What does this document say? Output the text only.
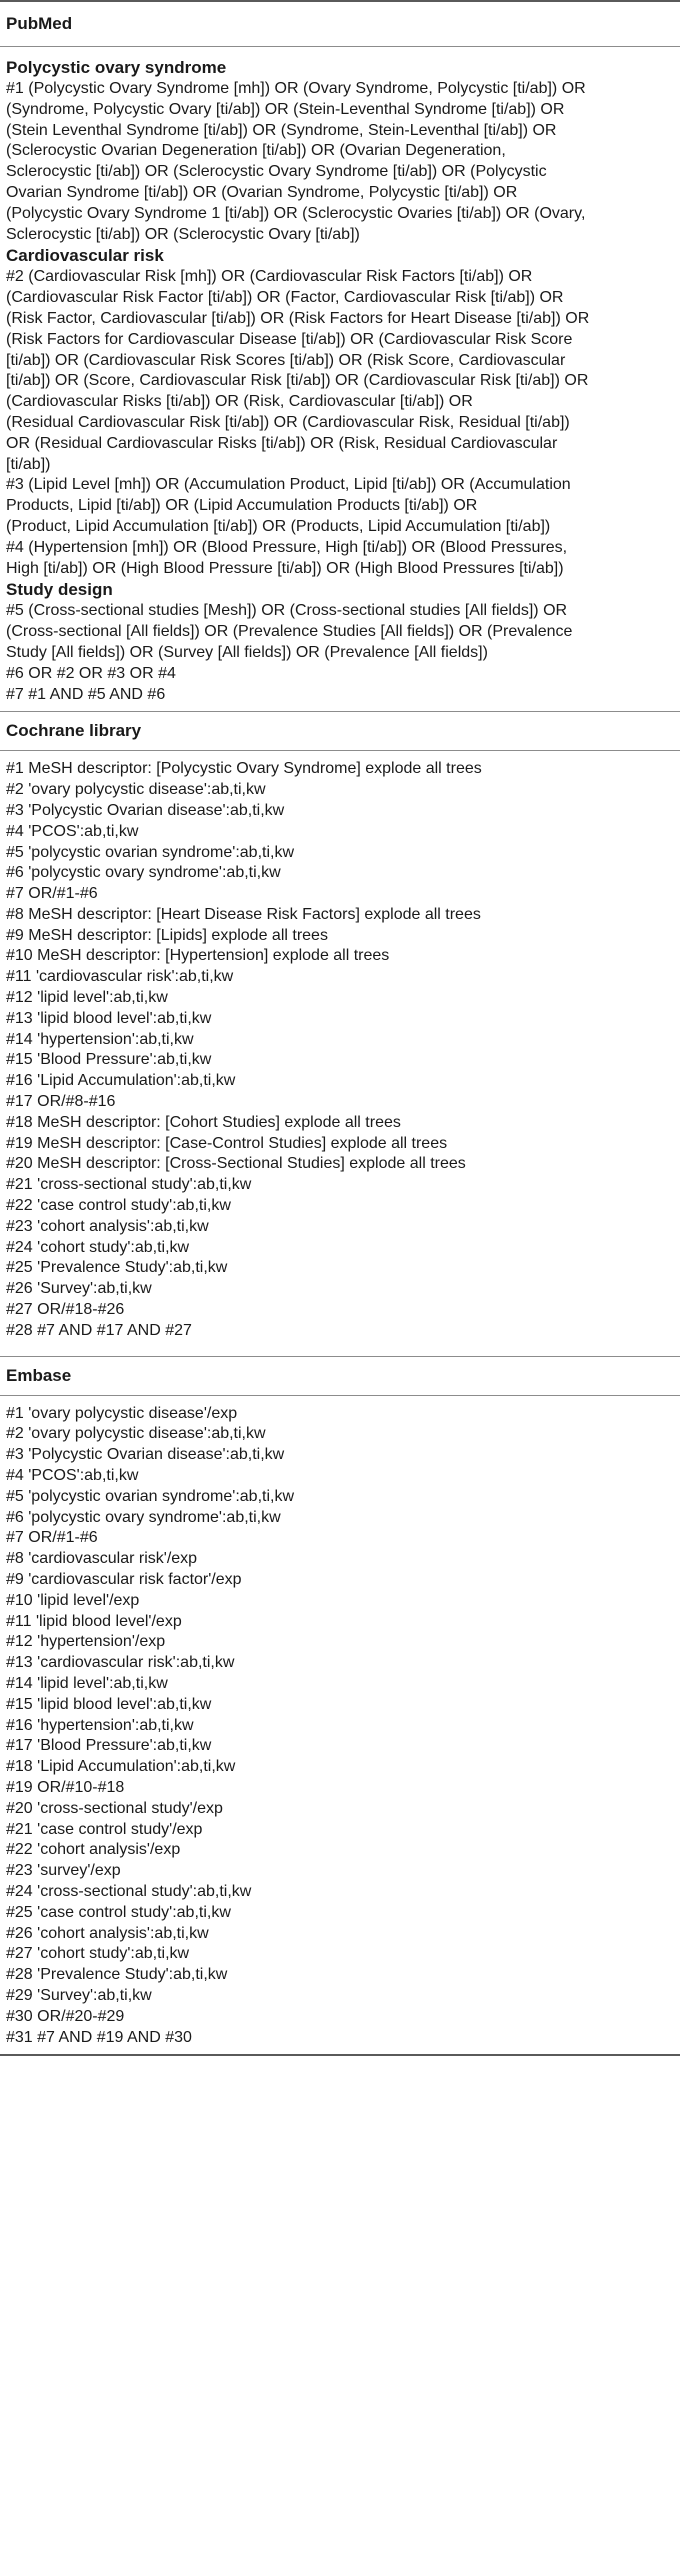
PubMed
Polycystic ovary syndrome
#1 (Polycystic Ovary Syndrome [mh]) OR (Ovary Syndrome, Polycystic [ti/ab]) OR
(Syndrome, Polycystic Ovary [ti/ab]) OR (Stein-Leventhal Syndrome [ti/ab]) OR
(Stein Leventhal Syndrome [ti/ab]) OR (Syndrome, Stein-Leventhal [ti/ab]) OR
(Sclerocystic Ovarian Degeneration [ti/ab]) OR (Ovarian Degeneration,
Sclerocystic [ti/ab]) OR (Sclerocystic Ovary Syndrome [ti/ab]) OR (Polycystic
Ovarian Syndrome [ti/ab]) OR (Ovarian Syndrome, Polycystic [ti/ab]) OR
(Polycystic Ovary Syndrome 1 [ti/ab]) OR (Sclerocystic Ovaries [ti/ab]) OR (Ovary,
Sclerocystic [ti/ab]) OR (Sclerocystic Ovary [ti/ab])
Cardiovascular risk
#2 (Cardiovascular Risk [mh]) OR (Cardiovascular Risk Factors [ti/ab]) OR
(Cardiovascular Risk Factor [ti/ab]) OR (Factor, Cardiovascular Risk [ti/ab]) OR
(Risk Factor, Cardiovascular [ti/ab]) OR (Risk Factors for Heart Disease [ti/ab]) OR
(Risk Factors for Cardiovascular Disease [ti/ab]) OR (Cardiovascular Risk Score
[ti/ab]) OR (Cardiovascular Risk Scores [ti/ab]) OR (Risk Score, Cardiovascular
[ti/ab]) OR (Score, Cardiovascular Risk [ti/ab]) OR (Cardiovascular Risk [ti/ab]) OR
(Cardiovascular Risks [ti/ab]) OR (Risk, Cardiovascular [ti/ab]) OR
(Residual Cardiovascular Risk [ti/ab]) OR (Cardiovascular Risk, Residual [ti/ab])
OR (Residual Cardiovascular Risks [ti/ab]) OR (Risk, Residual Cardiovascular
[ti/ab])
#3 (Lipid Level [mh]) OR (Accumulation Product, Lipid [ti/ab]) OR (Accumulation
Products, Lipid [ti/ab]) OR (Lipid Accumulation Products [ti/ab]) OR
(Product, Lipid Accumulation [ti/ab]) OR (Products, Lipid Accumulation [ti/ab])
#4 (Hypertension [mh]) OR (Blood Pressure, High [ti/ab]) OR (Blood Pressures,
High [ti/ab]) OR (High Blood Pressure [ti/ab]) OR (High Blood Pressures [ti/ab])
Study design
#5 (Cross-sectional studies [Mesh]) OR (Cross-sectional studies [All fields]) OR
(Cross-sectional [All fields]) OR (Prevalence Studies [All fields]) OR (Prevalence
Study [All fields]) OR (Survey [All fields]) OR (Prevalence [All fields])
#6 OR #2 OR #3 OR #4
#7 #1 AND #5 AND #6
Cochrane library
#1 MeSH descriptor: [Polycystic Ovary Syndrome] explode all trees
#2 'ovary polycystic disease':ab,ti,kw
#3 'Polycystic Ovarian disease':ab,ti,kw
#4 'PCOS':ab,ti,kw
#5 'polycystic ovarian syndrome':ab,ti,kw
#6 'polycystic ovary syndrome':ab,ti,kw
#7 OR/#1-#6
#8 MeSH descriptor: [Heart Disease Risk Factors] explode all trees
#9 MeSH descriptor: [Lipids] explode all trees
#10 MeSH descriptor: [Hypertension] explode all trees
#11 'cardiovascular risk':ab,ti,kw
#12 'lipid level':ab,ti,kw
#13 'lipid blood level':ab,ti,kw
#14 'hypertension':ab,ti,kw
#15 'Blood Pressure':ab,ti,kw
#16 'Lipid Accumulation':ab,ti,kw
#17 OR/#8-#16
#18 MeSH descriptor: [Cohort Studies] explode all trees
#19 MeSH descriptor: [Case-Control Studies] explode all trees
#20 MeSH descriptor: [Cross-Sectional Studies] explode all trees
#21 'cross-sectional study':ab,ti,kw
#22 'case control study':ab,ti,kw
#23 'cohort analysis':ab,ti,kw
#24 'cohort study':ab,ti,kw
#25 'Prevalence Study':ab,ti,kw
#26 'Survey':ab,ti,kw
#27 OR/#18-#26
#28 #7 AND #17 AND #27
Embase
#1 'ovary polycystic disease'/exp
#2 'ovary polycystic disease':ab,ti,kw
#3 'Polycystic Ovarian disease':ab,ti,kw
#4 'PCOS':ab,ti,kw
#5 'polycystic ovarian syndrome':ab,ti,kw
#6 'polycystic ovary syndrome':ab,ti,kw
#7 OR/#1-#6
#8 'cardiovascular risk'/exp
#9 'cardiovascular risk factor'/exp
#10 'lipid level'/exp
#11 'lipid blood level'/exp
#12 'hypertension'/exp
#13 'cardiovascular risk':ab,ti,kw
#14 'lipid level':ab,ti,kw
#15 'lipid blood level':ab,ti,kw
#16 'hypertension':ab,ti,kw
#17 'Blood Pressure':ab,ti,kw
#18 'Lipid Accumulation':ab,ti,kw
#19 OR/#10-#18
#20 'cross-sectional study'/exp
#21 'case control study'/exp
#22 'cohort analysis'/exp
#23 'survey'/exp
#24 'cross-sectional study':ab,ti,kw
#25 'case control study':ab,ti,kw
#26 'cohort analysis':ab,ti,kw
#27 'cohort study':ab,ti,kw
#28 'Prevalence Study':ab,ti,kw
#29 'Survey':ab,ti,kw
#30 OR/#20-#29
#31 #7 AND #19 AND #30
